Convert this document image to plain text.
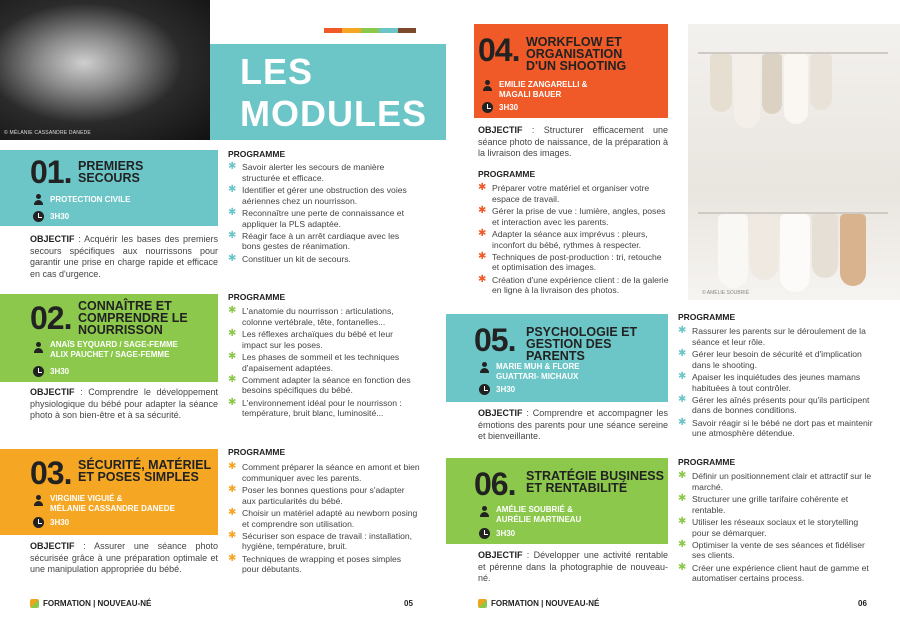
© MÉLANIE CASSANDRE DANEDE
LES
MODULES
01. PREMIERS
SECOURS
PROTECTION CIVILE
3H30

OBJECTIF : Acquérir les bases des premiers secours spécifiques aux nourrissons pour garantir une prise en charge rapide et efficace en cas d'urgence.

PROGRAMME
✱ Savoir alerter les secours de manière structurée et efficace.
✱ Identifier et gérer une obstruction des voies aériennes chez un nourrisson.
✱ Reconnaître une perte de connaissance et appliquer la PLS adaptée.
✱ Réagir face à un arrêt cardiaque avec les bons gestes de réanimation.
✱ Constituer un kit de secours.
02. CONNAÎTRE ET
COMPRENDRE LE
NOURRISSON
ANAÏS EYQUARD / SAGE-FEMME
ALIX PAUCHET / SAGE-FEMME
3H30

OBJECTIF : Comprendre le développement physiologique du bébé pour adapter la séance photo à son bien-être et à sa sécurité.

PROGRAMME
✱ L'anatomie du nourrisson : articulations, colonne vertébrale, tête, fontanelles...
✱ Les réflexes archaïques du bébé et leur impact sur les poses.
✱ Les phases de sommeil et les techniques d'apaisement adaptées.
✱ Comment adapter la séance en fonction des besoins spécifiques du bébé.
✱ L'environnement idéal pour le nourrisson : température, bruit blanc, luminosité...
03. SÉCURITÉ, MATÉRIEL
ET POSES SIMPLES
VIRGINIE VIGUIÉ &
MÉLANIE CASSANDRE DANEDE
3H30

OBJECTIF : Assurer une séance photo sécurisée grâce à une préparation optimale et une manipulation appropriée du bébé.

PROGRAMME
✱ Comment préparer la séance en amont et bien communiquer avec les parents.
✱ Poser les bonnes questions pour s'adapter aux particularités du bébé.
✱ Choisir un matériel adapté au newborn posing et comprendre son utilisation.
✱ Sécuriser son espace de travail : installation, hygiène, température, bruit.
✱ Techniques de wrapping et poses simples pour débutants.
FORMATION | NOUVEAU-NÉ	05
04. WORKFLOW ET
ORGANISATION
D'UN SHOOTING
EMILIE ZANGARELLI &
MAGALI BAUER
3H30

OBJECTIF : Structurer efficacement une séance photo de naissance, de la préparation à la livraison des images.

PROGRAMME
✱ Préparer votre matériel et organiser votre espace de travail.
✱ Gérer la prise de vue : lumière, angles, poses et interaction avec les parents.
✱ Adapter la séance aux imprévus : pleurs, inconfort du bébé, rythmes à respecter.
✱ Techniques de post-production : tri, retouche et optimisation des images.
✱ Création d'une expérience client : de la galerie en ligne à la livraison des photos.	© AMÉLIE SOUBRIÉ
05. PSYCHOLOGIE ET
GESTION DES PARENTS
MARIE MUH & FLORE
GUATTARI- MICHAUX
3H30

OBJECTIF : Comprendre et accompagner les émotions des parents pour une séance sereine et bienveillante.

PROGRAMME
✱ Rassurer les parents sur le déroulement de la séance et leur rôle.
✱ Gérer leur besoin de sécurité et d'implication dans le shooting.
✱ Apaiser les inquiétudes des jeunes mamans habituées à tout contrôler.
✱ Gérer les aînés présents pour qu'ils participent dans de bonnes conditions.
✱ Savoir réagir si le bébé ne dort pas et maintenir une atmosphère détendue.
06. STRATÉGIE BUSINESS
ET RENTABILITÉ
AMÉLIE SOUBRIÉ &
AURÉLIE MARTINEAU
3H30

OBJECTIF : Développer une activité rentable et pérenne dans la photographie de nouveau-né.

PROGRAMME
✱ Définir un positionnement clair et attractif sur le marché.
✱ Structurer une grille tarifaire cohérente et rentable.
✱ Utiliser les réseaux sociaux et le storytelling pour se démarquer.
✱ Optimiser la vente de ses séances et fidéliser ses clients.
✱ Créer une expérience client haut de gamme et automatiser certains process.
FORMATION | NOUVEAU-NÉ	06
